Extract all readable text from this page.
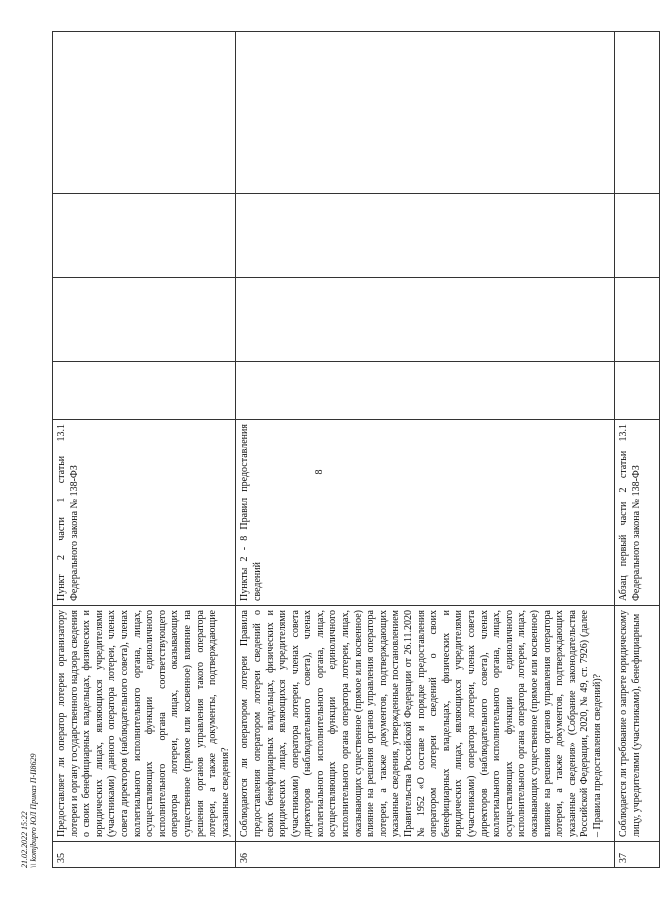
8
35	Предоставляет ли оператор лотереи организатору лотереи и органу государственного надзора сведения о своих бенефициарных владельцах, физических и юридических лицах, являющихся учредителями (участниками) данного оператора лотереи, членах совета директоров (наблюдательного совета), членах коллегиального исполнительного органа, лицах, осуществляющих функции единоличного исполнительного органа соответствующего оператора лотереи, лицах, оказывающих существенное (прямое или косвенное) влияние на решения органов управления такого оператора лотереи, а также документы, подтверждающие указанные сведения?	Пункт 2 части 1 статьи 13.1 Федерального закона № 138-ФЗ				
36	Соблюдаются ли оператором лотереи Правила предоставления оператором лотереи сведений о своих бенефициарных владельцах, физических и юридических лицах, являющихся учредителями (участниками) оператора лотереи, членах совета директоров (наблюдательного совета), членах коллегиального исполнительного органа, лицах, осуществляющих функции единоличного исполнительного органа оператора лотереи, лицах, оказывающих существенное (прямое или косвенное) влияние на решения органов управления оператора лотереи, а также документов, подтверждающих указанные сведения, утвержденные постановлением Правительства Российской Федерации от 26.11.2020 № 1952 «О составе и порядке предоставления оператором лотереи сведений о своих бенефициарных владельцах, физических и юридических лицах, являющихся учредителями (участниками) оператора лотереи, членах совета директоров (наблюдательного совета), членах коллегиального исполнительного органа, лицах, осуществляющих функции единоличного исполнительного органа оператора лотереи, лицах, оказывающих существенное (прямое или косвенное) влияние на решения органов управления оператора лотереи, а также документов, подтверждающих указанные сведения» (Собрание законодательства Российской Федерации, 2020, № 49, ст. 7926) (далее – Правила предоставления сведений)?	Пункты 2 - 8 Правил предоставления сведений				
37	Соблюдается ли требование о запрете юридическому лицу, учредителями (участниками), бенефициарным	Абзац первый части 2 статьи 13.1 Федерального закона № 138-ФЗ				
21.02.2022 15:22 \\ komjbupro ЮЛ Приказ П-II8629
